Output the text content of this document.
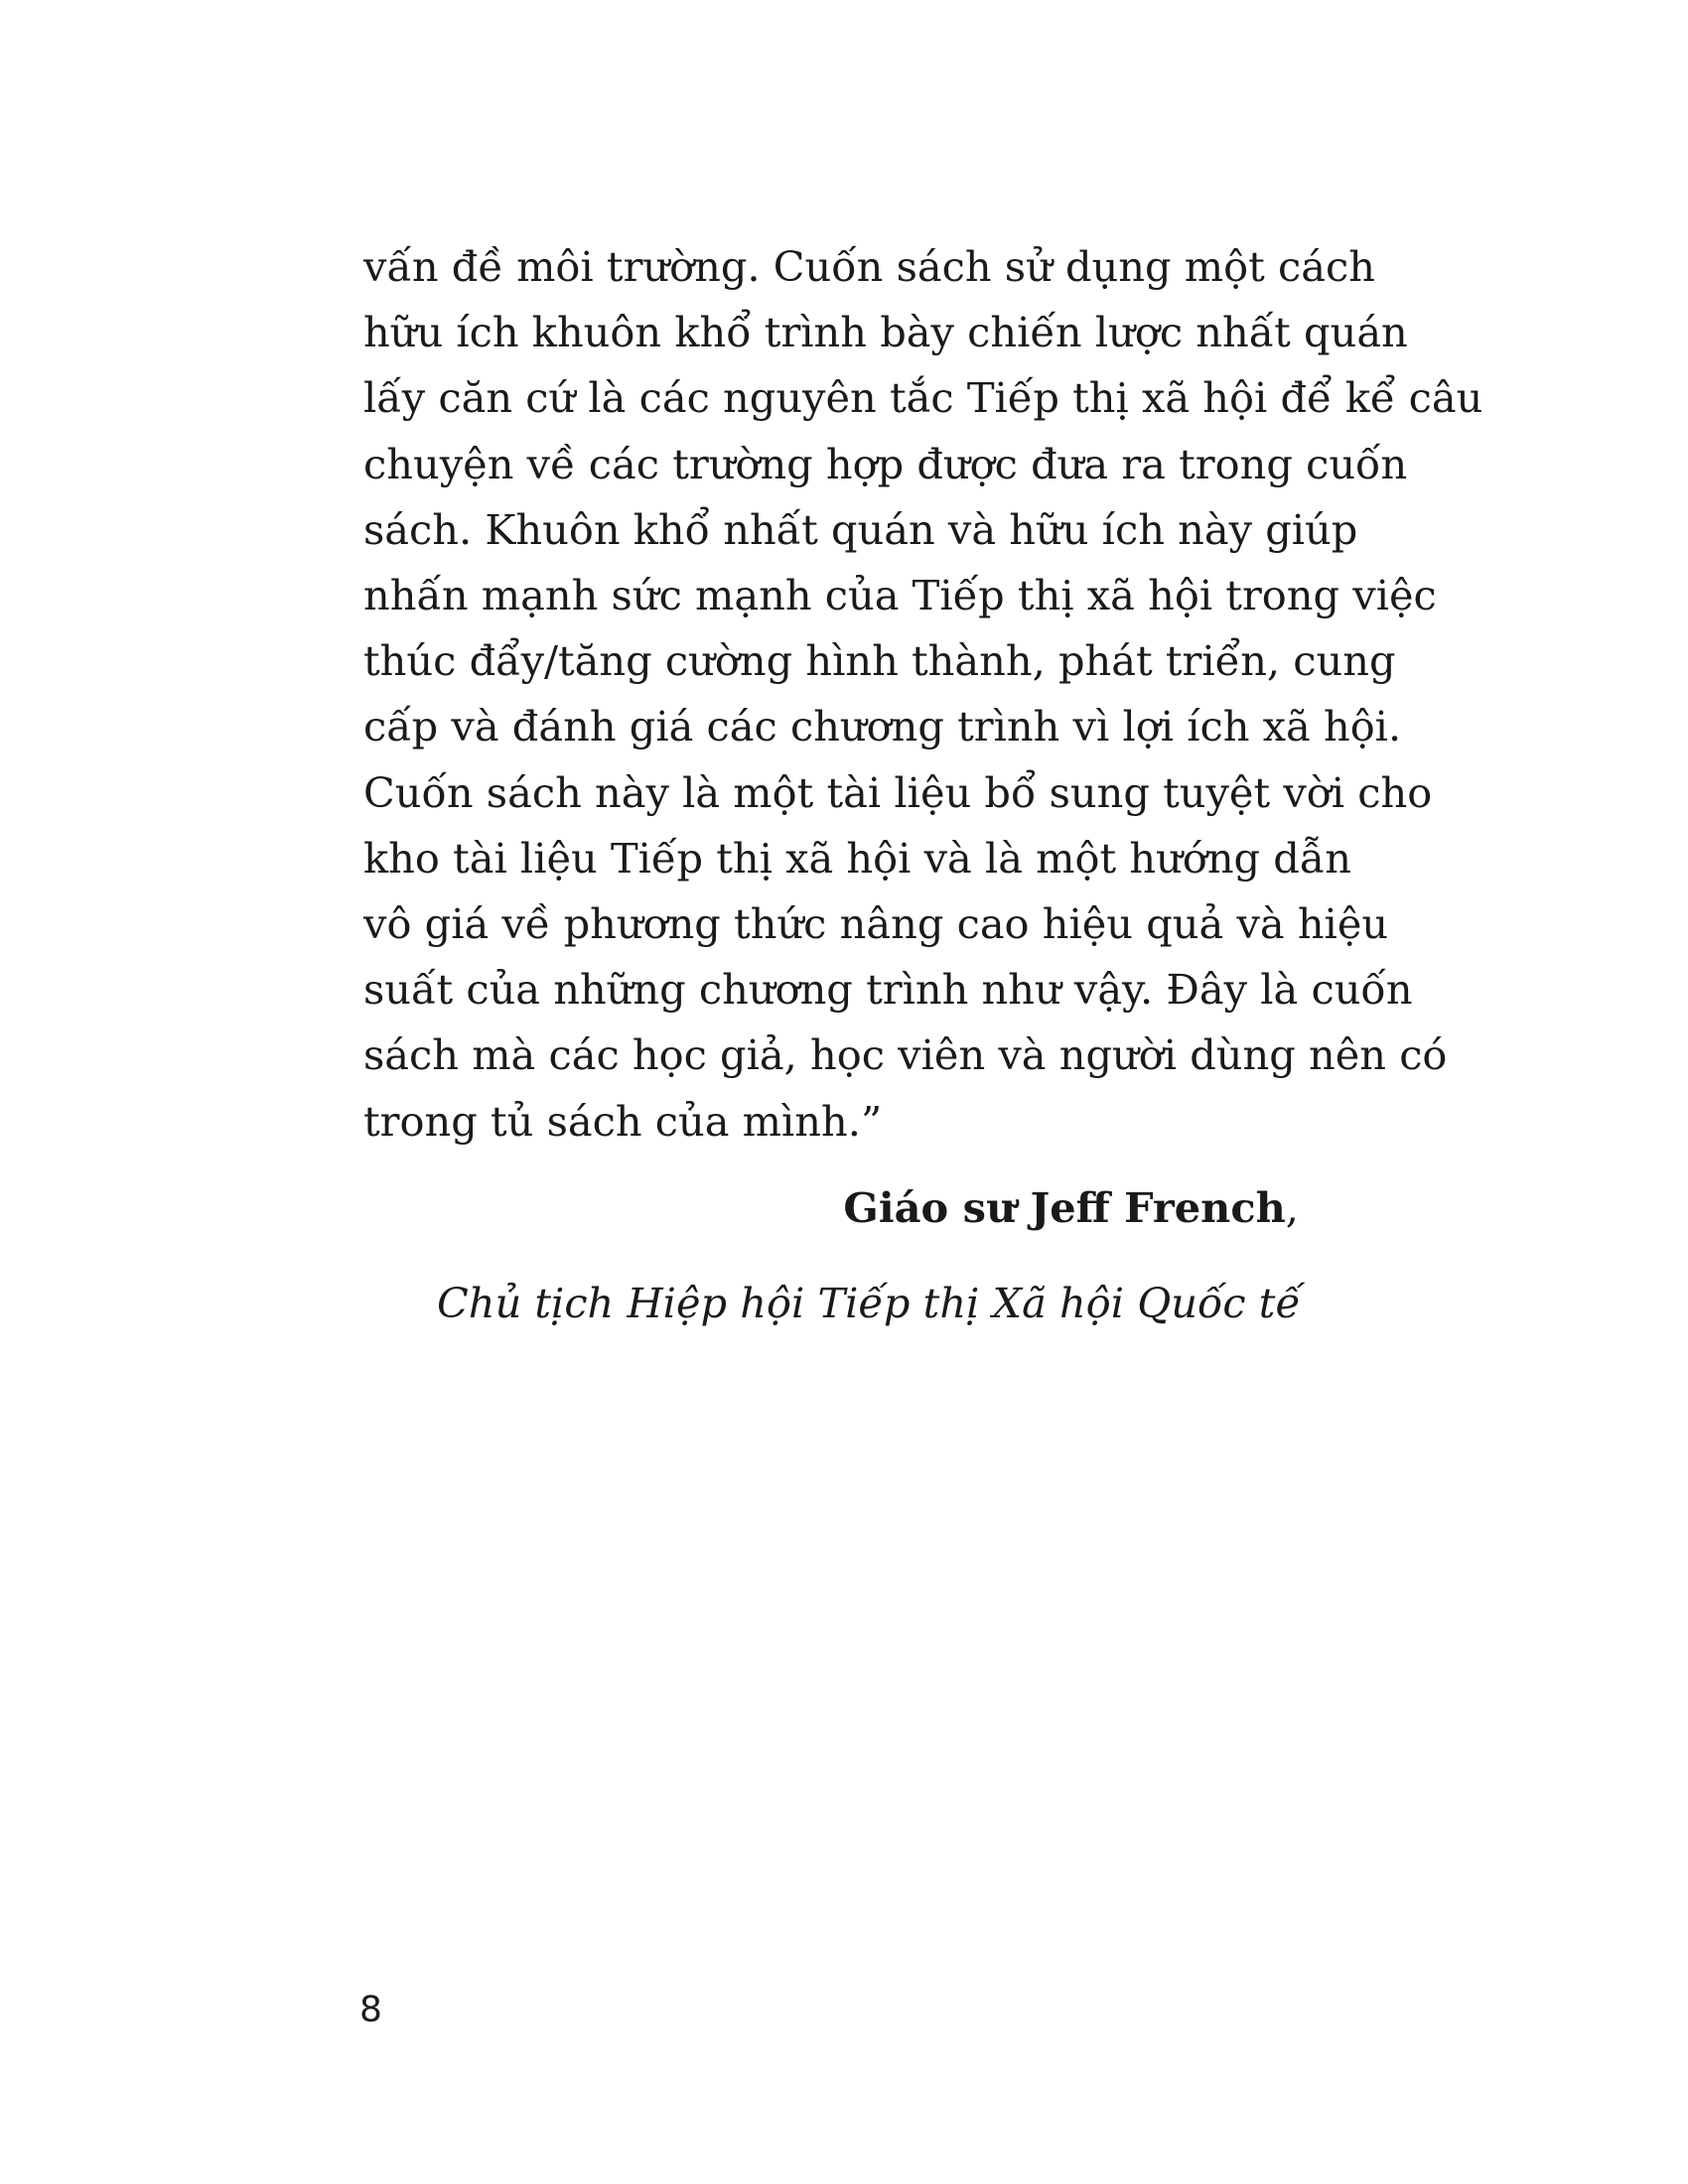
vấn đề môi trường. Cuốn sách sử dụng một cách
hữu ích khuôn khổ trình bày chiến lược nhất quán
lấy căn cứ là các nguyên tắc Tiếp thị xã hội để kể câu
chuyện về các trường hợp được đưa ra trong cuốn
sách. Khuôn khổ nhất quán và hữu ích này giúp
nhấn mạnh sức mạnh của Tiếp thị xã hội trong việc
thúc đẩy/tăng cường hình thành, phát triển, cung
cấp và đánh giá các chương trình vì lợi ích xã hội.
Cuốn sách này là một tài liệu bổ sung tuyệt vời cho
kho tài liệu Tiếp thị xã hội và là một hướng dẫn
vô giá về phương thức nâng cao hiệu quả và hiệu
suất của những chương trình như vậy. Đây là cuốn
sách mà các học giả, học viên và người dùng nên có
trong tủ sách của mình.”

Giáo sư Jeff French,

Chủ tịch Hiệp hội Tiếp thị Xã hội Quốc tế

8
